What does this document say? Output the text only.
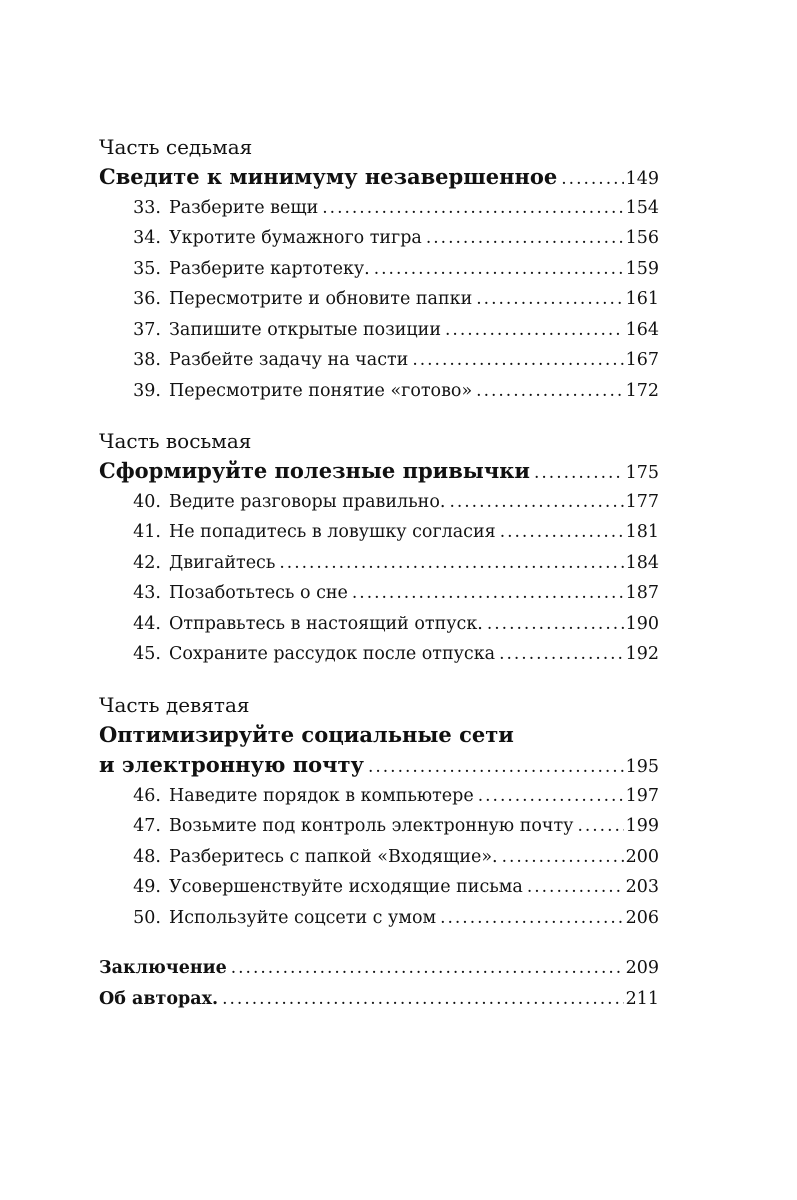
Часть седьмая
Сведите к минимуму незавершенное .....	149
33. Разберите вещи .....	154
34. Укротите бумажного тигра .....	156
35. Разберите картотеку. .....	159
36. Пересмотрите и обновите папки .....	161
37. Запишите открытые позиции .....	164
38. Разбейте задачу на части .....	167
39. Пересмотрите понятие «готово» .....	172
Часть восьмая
Сформируйте полезные привычки .....	175
40. Ведите разговоры правильно. .....	177
41. Не попадитесь в ловушку согласия .....	181
42. Двигайтесь .....	184
43. Позаботьтесь о сне .....	187
44. Отправьтесь в настоящий отпуск. .....	190
45. Сохраните рассудок после отпуска .....	192
Часть девятая
Оптимизируйте социальные сети
и электронную почту .....	195
46. Наведите порядок в компьютере .....	197
47. Возьмите под контроль электронную почту .....	199
48. Разберитесь с папкой «Входящие». .....	200
49. Усовершенствуйте исходящие письма .....	203
50. Используйте соцсети с умом .....	206
Заключение .....	209
Об авторах. .....	211
